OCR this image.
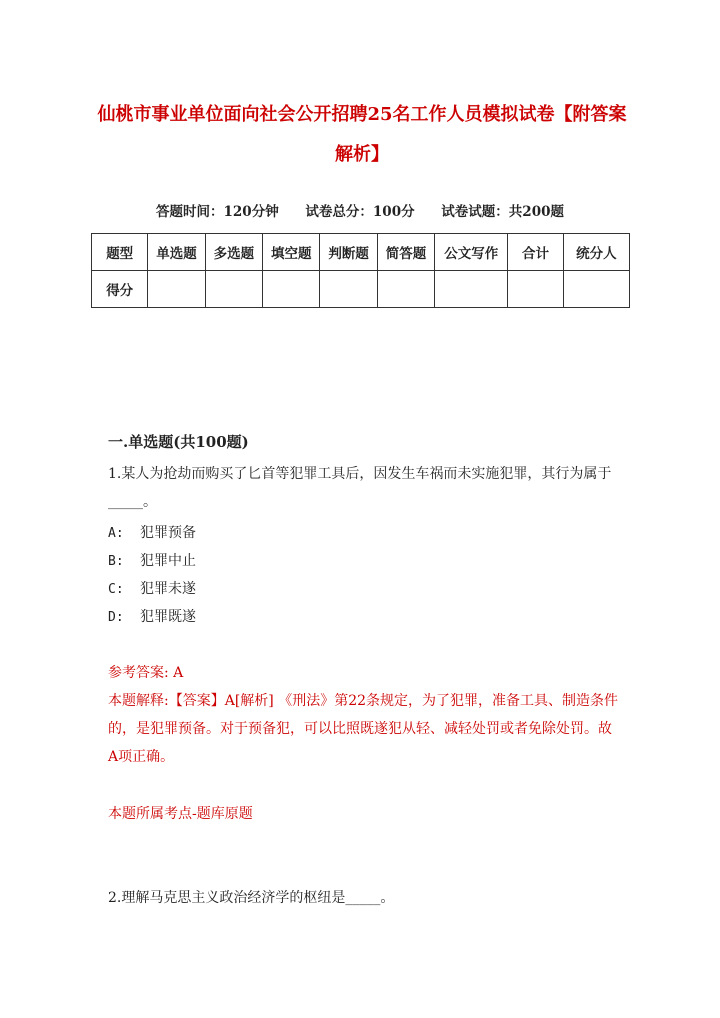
仙桃市事业单位面向社会公开招聘25名工作人员模拟试卷【附答案解析】
答题时间：120分钟 试卷总分：100分 试卷试题：共200题
题型	单选题	多选题	填空题	判断题	简答题	公文写作	合计	统分人
得分								
一.单选题(共100题)
1.某人为抢劫而购买了匕首等犯罪工具后，因发生车祸而未实施犯罪，其行为属于_____。
A: 犯罪预备
B: 犯罪中止
C: 犯罪未遂
D: 犯罪既遂
参考答案: A
本题解释:【答案】A[解析] 《刑法》第22条规定，为了犯罪，准备工具、制造条件的，是犯罪预备。对于预备犯，可以比照既遂犯从轻、减轻处罚或者免除处罚。故A项正确。
本题所属考点-题库原题
2.理解马克思主义政治经济学的枢纽是_____。
